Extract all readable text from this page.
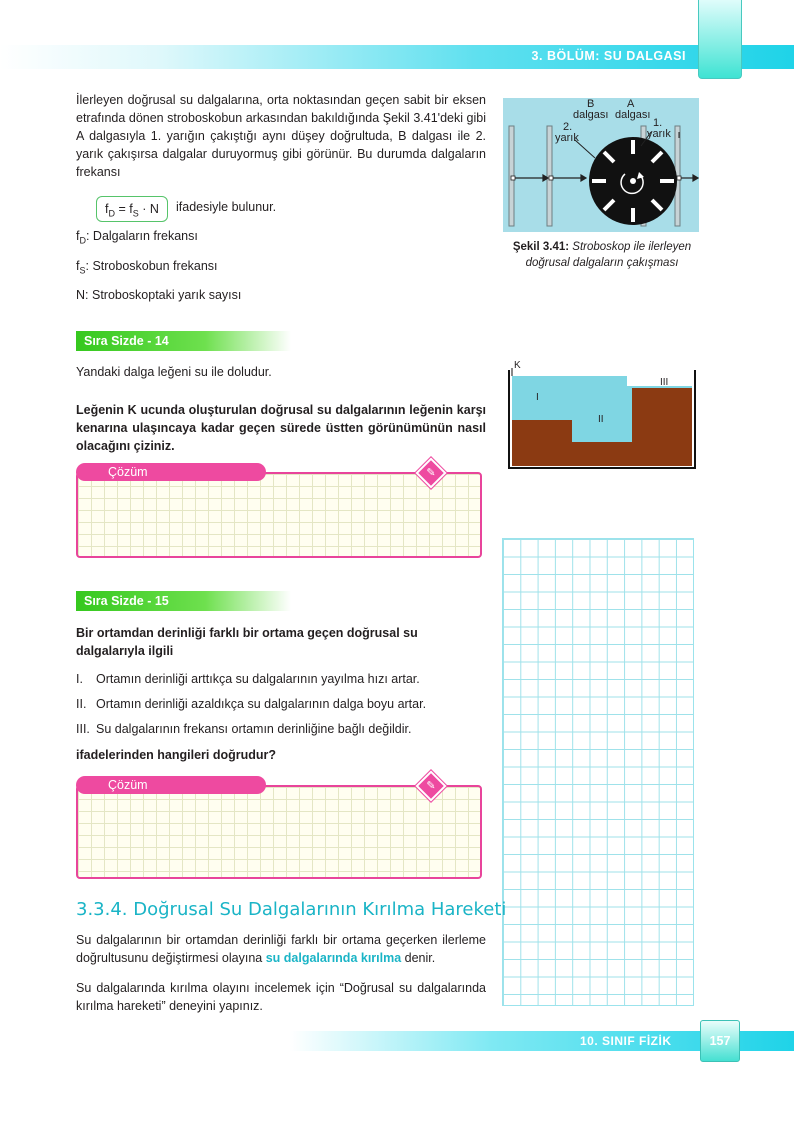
3. BÖLÜM: SU DALGASI
İlerleyen doğrusal su dalgalarına, orta noktasından geçen sabit bir eksen etrafında dönen stroboskobun arkasından bakıldığında Şekil 3.41'deki gibi A dalgasıyla 1. yarığın çakıştığı aynı düşey doğrultuda, B dalgası ile 2. yarık çakışırsa dalgalar duruyormuş gibi görünür. Bu durumda dalgaların frekansı
$f_D = f_S \cdot N$	ifadesiyle bulunur.
$f_D$: Dalgaların frekansı
$f_S$: Stroboskobun frekansı
N: Stroboskoptaki yarık sayısı
B	A
dalgası dalgası
2.
yarık
1.
yarık
Şekil 3.41: Stroboskop ile ilerleyen doğrusal dalgaların çakışması
Sıra Sizde - 14
Yandaki dalga leğeni su ile doludur.
Leğenin K ucunda oluşturulan doğrusal su dalgalarının leğenin karşı kenarına ulaşıncaya kadar geçen sürede üstten görünümünün nasıl olacağını çiziniz.
K
I
II
III
Çözüm	✎
Sıra Sizde - 15
Bir ortamdan derinliği farklı bir ortama geçen doğrusal su dalgalarıyla ilgili
I. Ortamın derinliği arttıkça su dalgalarının yayılma hızı artar.
II. Ortamın derinliği azaldıkça su dalgalarının dalga boyu artar.
III. Su dalgalarının frekansı ortamın derinliğine bağlı değildir.
ifadelerinden hangileri doğrudur?
Çözüm	✎
3.3.4. Doğrusal Su Dalgalarının Kırılma Hareketi
Su dalgalarının bir ortamdan derinliği farklı bir ortama geçerken ilerleme doğrultusunu değiştirmesi olayına su dalgalarında kırılma denir.
Su dalgalarında kırılma olayını incelemek için “Doğrusal su dalgalarında kırılma hareketi” deneyini yapınız.
10. SINIF FİZİK	157
